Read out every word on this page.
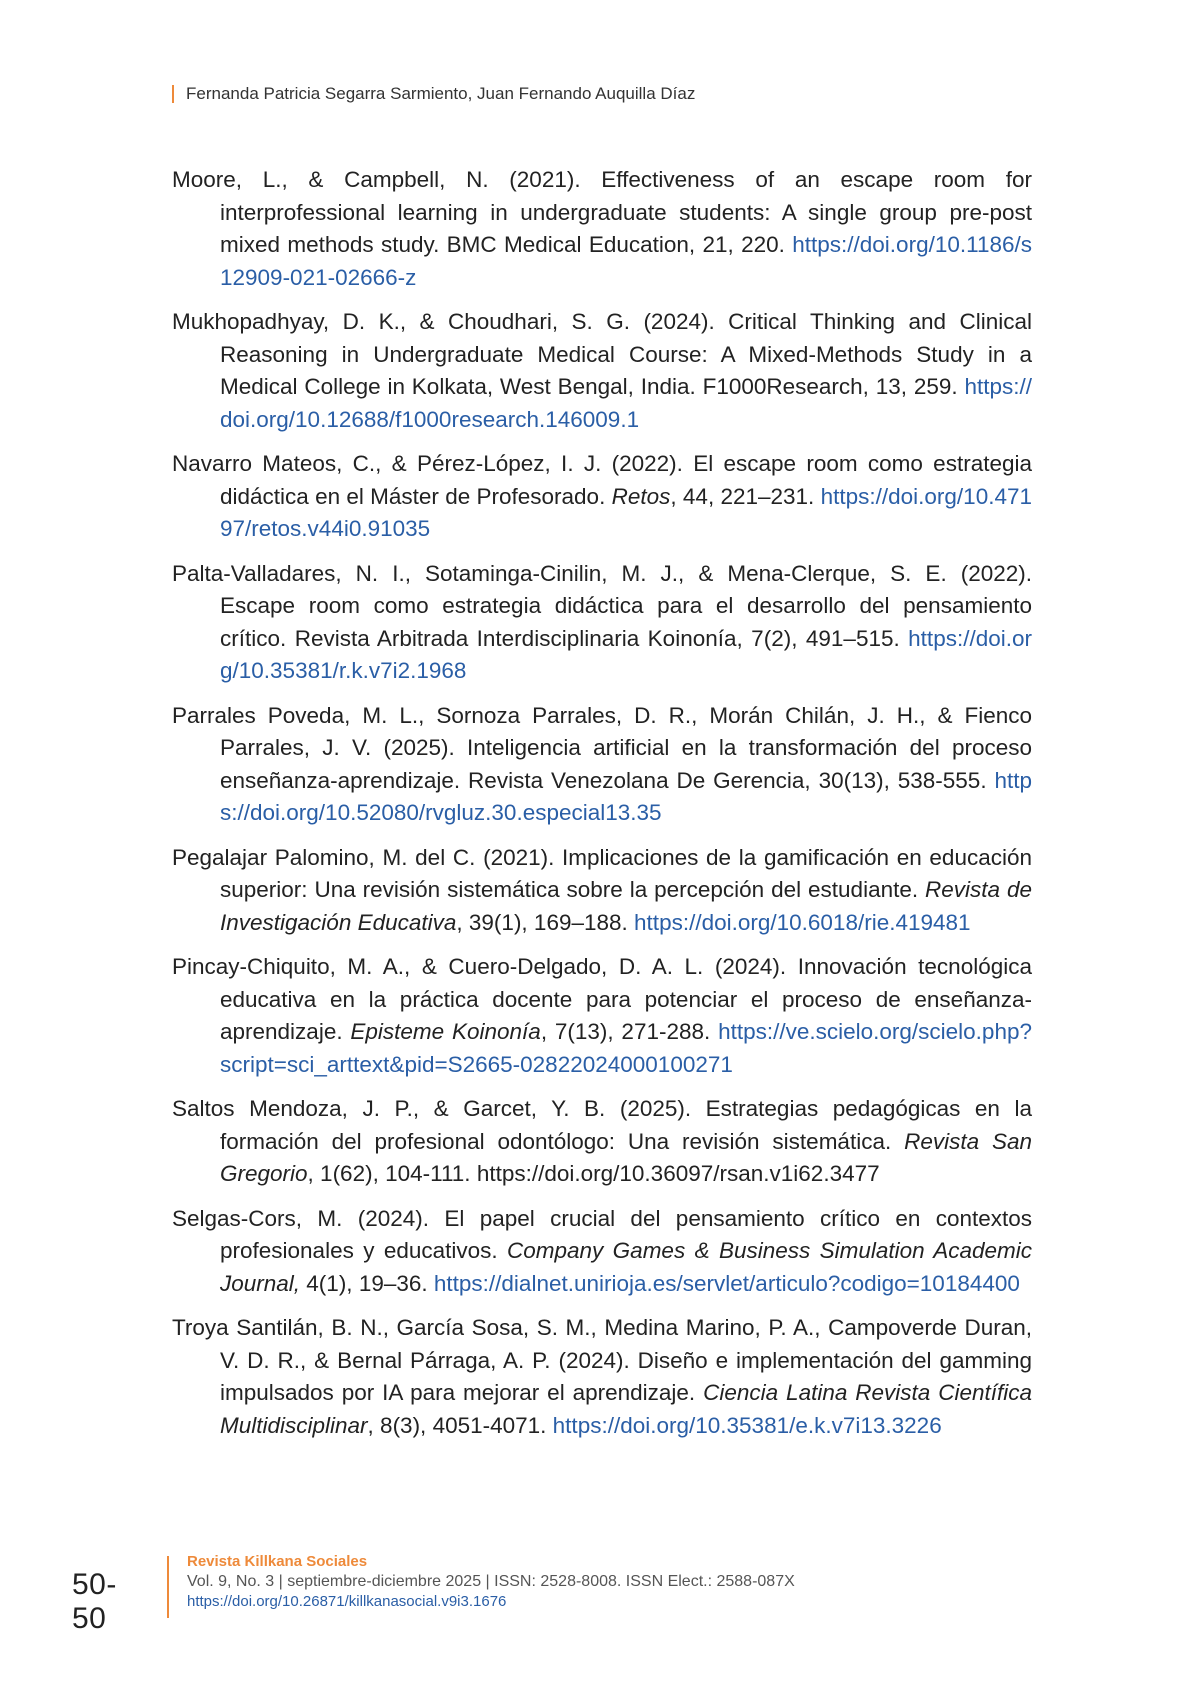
Fernanda Patricia Segarra Sarmiento, Juan Fernando Auquilla Díaz

Moore, L., & Campbell, N. (2021). Effectiveness of an escape room for interprofessional learning in undergraduate students: A single group pre-post mixed methods study. BMC Medical Education, 21, 220. https://doi.org/10.1186/s12909-021-02666-z

Mukhopadhyay, D. K., & Choudhari, S. G. (2024). Critical Thinking and Clinical Reasoning in Undergraduate Medical Course: A Mixed-Methods Study in a Medical College in Kolkata, West Bengal, India. F1000Research, 13, 259. https://doi.org/10.12688/f1000research.146009.1

Navarro Mateos, C., & Pérez-López, I. J. (2022). El escape room como estrategia didáctica en el Máster de Profesorado. Retos, 44, 221–231. https://doi.org/10.47197/retos.v44i0.91035

Palta-Valladares, N. I., Sotaminga-Cinilin, M. J., & Mena-Clerque, S. E. (2022). Escape room como estrategia didáctica para el desarrollo del pensamiento crítico. Revista Arbitrada Interdisciplinaria Koinonía, 7(2), 491–515. https://doi.org/10.35381/r.k.v7i2.1968

Parrales Poveda, M. L., Sornoza Parrales, D. R., Morán Chilán, J. H., & Fienco Parrales, J. V. (2025). Inteligencia artificial en la transformación del proceso enseñanza-aprendizaje. Revista Venezolana De Gerencia, 30(13), 538-555. https://doi.org/10.52080/rvgluz.30.especial13.35

Pegalajar Palomino, M. del C. (2021). Implicaciones de la gamificación en educación superior: Una revisión sistemática sobre la percepción del estudiante. Revista de Investigación Educativa, 39(1), 169–188. https://doi.org/10.6018/rie.419481

Pincay-Chiquito, M. A., & Cuero-Delgado, D. A. L. (2024). Innovación tecnológica educativa en la práctica docente para potenciar el proceso de enseñanza-aprendizaje. Episteme Koinonía, 7(13), 271-288. https://ve.scielo.org/scielo.php?script=sci_arttext&pid=S2665-02822024000100271

Saltos Mendoza, J. P., & Garcet, Y. B. (2025). Estrategias pedagógicas en la formación del profesional odontólogo: Una revisión sistemática. Revista San Gregorio, 1(62), 104-111. https://doi.org/10.36097/rsan.v1i62.3477

Selgas-Cors, M. (2024). El papel crucial del pensamiento crítico en contextos profesionales y educativos. Company Games & Business Simulation Academic Journal, 4(1), 19–36. https://dialnet.unirioja.es/servlet/articulo?codigo=10184400

Troya Santilán, B. N., García Sosa, S. M., Medina Marino, P. A., Campoverde Duran, V. D. R., & Bernal Párraga, A. P. (2024). Diseño e implementación del gamming impulsados por IA para mejorar el aprendizaje. Ciencia Latina Revista Científica Multidisciplinar, 8(3), 4051-4071. https://doi.org/10.35381/e.k.v7i13.3226

50-50
Revista Killkana Sociales
Vol. 9, No. 3 | septiembre-diciembre 2025 | ISSN: 2528-8008. ISSN Elect.: 2588-087X
https://doi.org/10.26871/killkanasocial.v9i3.1676
